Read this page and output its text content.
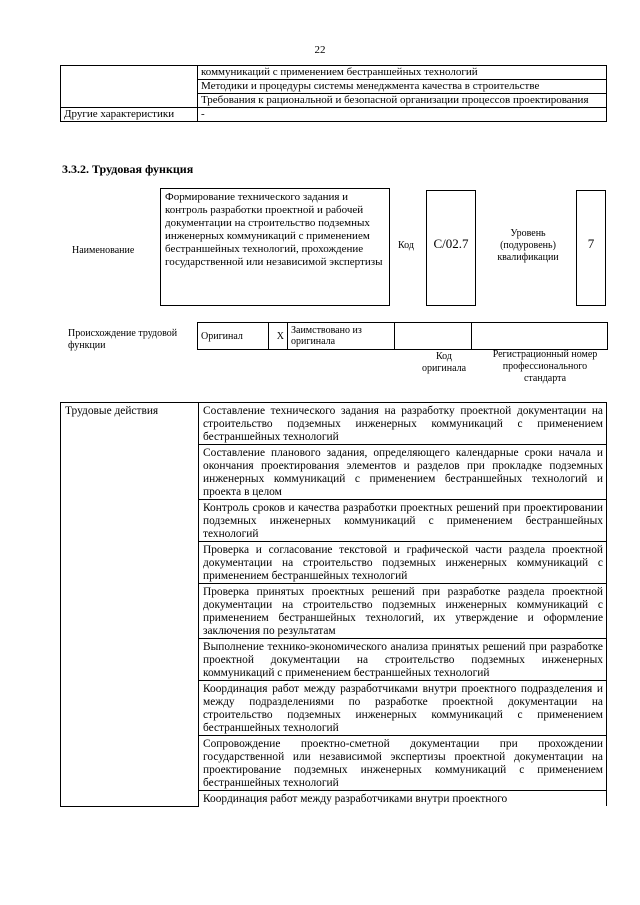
22
	коммуникаций с применением бестраншейных технологий
	Методики и процедуры системы менеджмента качества в строительстве
	Требования к рациональной и безопасной организации процессов проектирования
Другие характеристики	-
3.3.2. Трудовая функция
Наименование
Формирование технического задания и контроль разработки проектной и рабочей документации на строительство подземных инженерных коммуникаций с применением бестраншейных технологий, прохождение государственной или независимой экспертизы
Код	C/02.7
Уровень (подуровень) квалификации
7
Происхождение трудовой функции
Оригинал	X	Заимствовано из оригинала		
Код оригинала
Регистрационный номер профессионального стандарта
Трудовые действия	Составление технического задания на разработку проектной документации на строительство подземных инженерных коммуникаций с применением бестраншейных технологий
Составление планового задания, определяющего календарные сроки начала и окончания проектирования элементов и разделов при прокладке подземных инженерных коммуникаций с применением бестраншейных технологий и проекта в целом
Контроль сроков и качества разработки проектных решений при проектировании подземных инженерных коммуникаций с применением бестраншейных технологий
Проверка и согласование текстовой и графической части раздела проектной документации на строительство подземных инженерных коммуникаций с применением бестраншейных технологий
Проверка принятых проектных решений при разработке раздела проектной документации на строительство подземных инженерных коммуникаций с применением бестраншейных технологий, их утверждение и оформление заключения по результатам
Выполнение технико-экономического анализа принятых решений при разработке проектной документации на строительство подземных инженерных коммуникаций с применением бестраншейных технологий
Координация работ между разработчиками внутри проектного подразделения и между подразделениями по разработке проектной документации на строительство подземных инженерных коммуникаций с применением бестраншейных технологий
Сопровождение проектно-сметной документации при прохождении государственной или независимой экспертизы проектной документации на проектирование подземных инженерных коммуникаций с применением бестраншейных технологий
Координация работ между разработчиками внутри проектного
